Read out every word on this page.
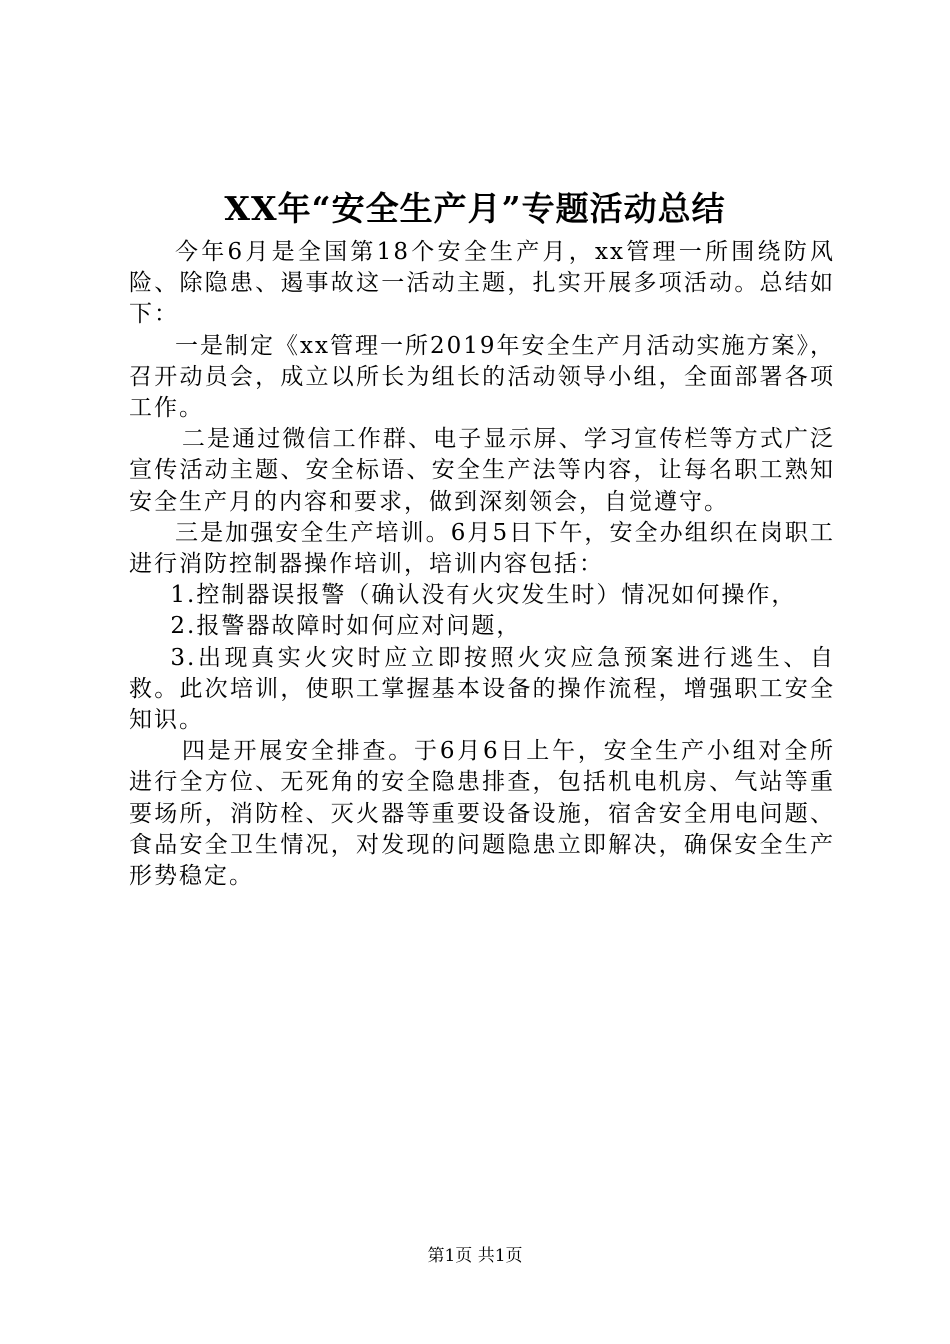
XX年“安全生产月”专题活动总结

今年6月是全国第18个安全生产月，xx管理一所围绕防风险、除隐患、遏事故这一活动主题，扎实开展多项活动。总结如下：

一是制定《xx管理一所2019年安全生产月活动实施方案》，召开动员会，成立以所长为组长的活动领导小组，全面部署各项工作。

二是通过微信工作群、电子显示屏、学习宣传栏等方式广泛宣传活动主题、安全标语、安全生产法等内容，让每名职工熟知安全生产月的内容和要求，做到深刻领会，自觉遵守。

三是加强安全生产培训。6月5日下午，安全办组织在岗职工进行消防控制器操作培训，培训内容包括：

1.控制器误报警（确认没有火灾发生时）情况如何操作，

2.报警器故障时如何应对问题，

3.出现真实火灾时应立即按照火灾应急预案进行逃生、自救。此次培训，使职工掌握基本设备的操作流程，增强职工安全知识。

四是开展安全排查。于6月6日上午，安全生产小组对全所进行全方位、无死角的安全隐患排查，包括机电机房、气站等重要场所，消防栓、灭火器等重要设备设施，宿舍安全用电问题、食品安全卫生情况，对发现的问题隐患立即解决，确保安全生产形势稳定。

第1页 共1页
